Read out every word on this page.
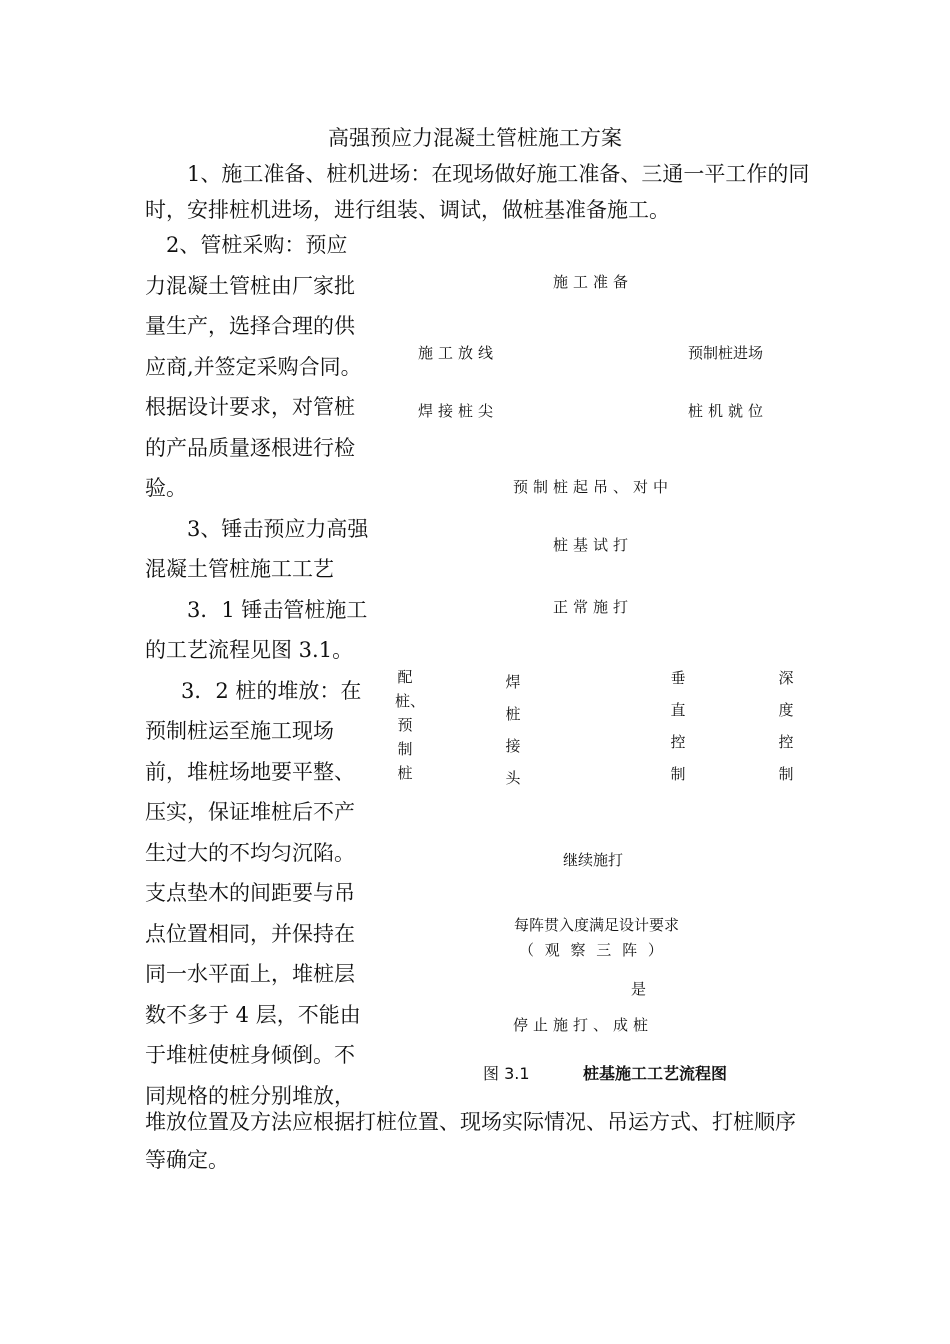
高强预应力混凝土管桩施工方案
1、施工准备、桩机进场：在现场做好施工准备、三通一平工作的同时，安排桩机进场，进行组装、调试，做桩基准备施工。
2、管桩采购：预应
力混凝土管桩由厂家批
量生产，选择合理的供
应商,并签定采购合同。
根据设计要求，对管桩
的产品质量逐根进行检
验。
3、锤击预应力高强
混凝土管桩施工工艺
3．1 锤击管桩施工
的工艺流程见图 3.1。
3．2 桩的堆放：在
预制桩运至施工现场
前，堆桩场地要平整、
压实，保证堆桩后不产
生过大的不均匀沉陷。
支点垫木的间距要与吊
点位置相同，并保持在
同一水平面上，堆桩层
数不多于 4 层，不能由
于堆桩使桩身倾倒。不
同规格的桩分别堆放，
施工准备
施工放线	预制桩进场
焊接桩尖	桩机就位
预制桩起吊、对中
桩基试打
正常施打
配桩、预制桩
焊桩接头
垂直控制
深度控制
继续施打
每阵贯入度满足设计要求
（ 观 察 三 阵 ）
是
停止施打、成桩
图 3.1	桩基施工工艺流程图
堆放位置及方法应根据打桩位置、现场实际情况、吊运方式、打桩顺序等确定。
